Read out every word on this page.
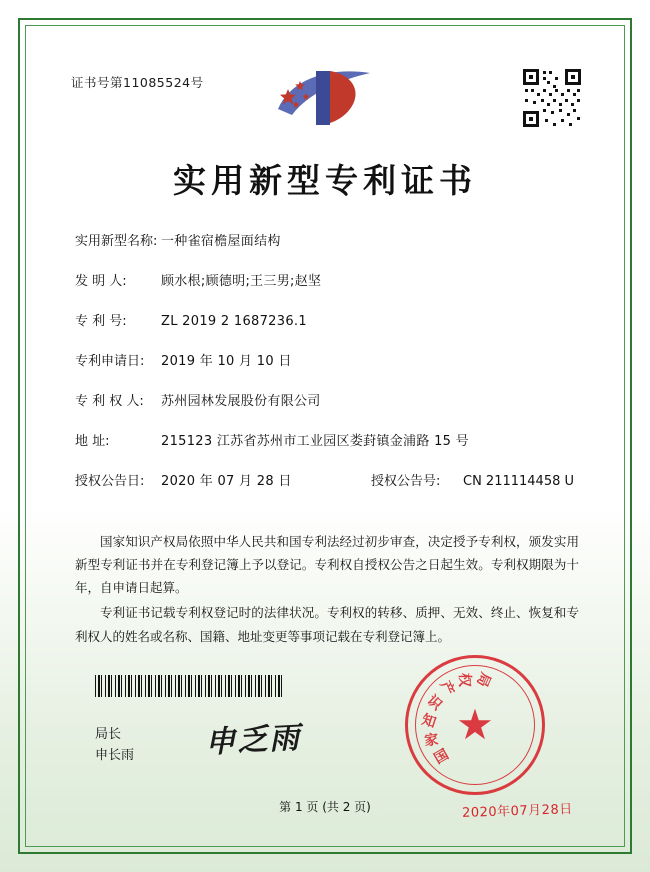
证书号第11085524号
实用新型专利证书
实用新型名称: 一种雀宿檐屋面结构
发 明 人:	顾水根;顾德明;王三男;赵坚
专 利 号:	ZL 2019 2 1687236.1
专利申请日:	2019 年 10 月 10 日
专 利 权 人:	苏州园林发展股份有限公司
地 址:	215123 江苏省苏州市工业园区娄葑镇金浦路 15 号
授权公告日:	2020 年 07 月 28 日	授权公告号:	CN 211114458 U

国家知识产权局依照中华人民共和国专利法经过初步审查，决定授予专利权，颁发实用新型专利证书并在专利登记簿上予以登记。专利权自授权公告之日起生效。专利权期限为十年，自申请日起算。

专利证书记载专利权登记时的法律状况。专利权的转移、质押、无效、终止、恢复和专利权人的姓名或名称、国籍、地址变更等事项记载在专利登记簿上。

局长
申长雨 申乏雨	★
国
家
知
识
产 权 局
2020年07月28日
第 1 页 (共 2 页)
